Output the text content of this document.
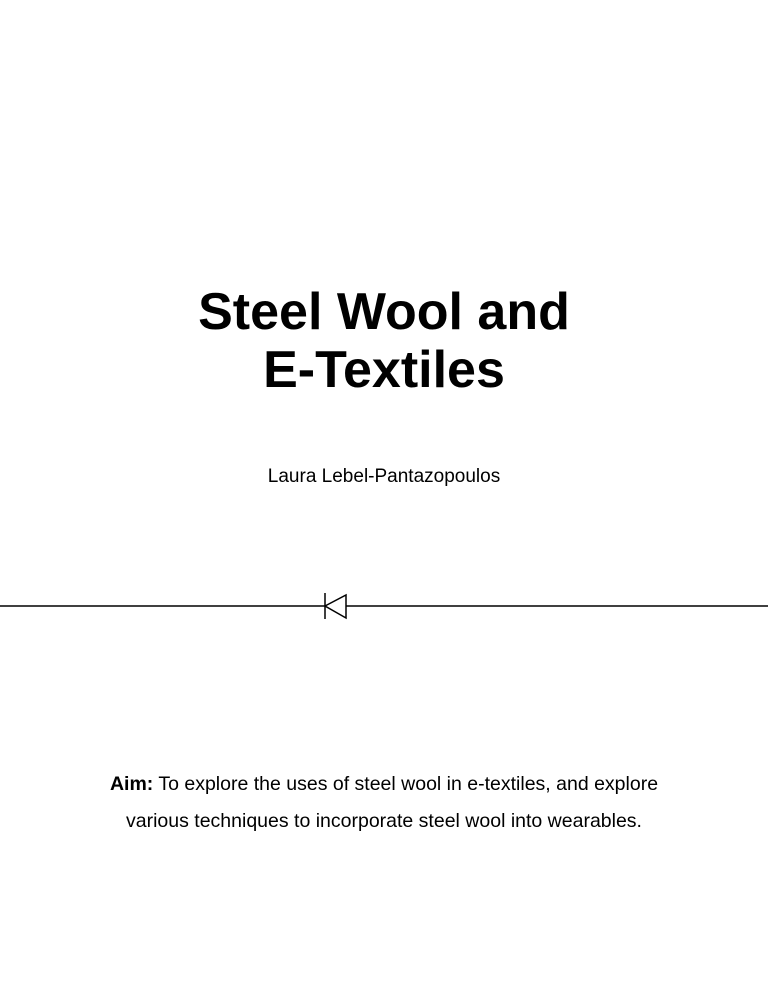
Steel Wool and
E-Textiles
Laura Lebel-Pantazopoulos
Aim: To explore the uses of steel wool in e-textiles, and explore various techniques to incorporate steel wool into wearables.
